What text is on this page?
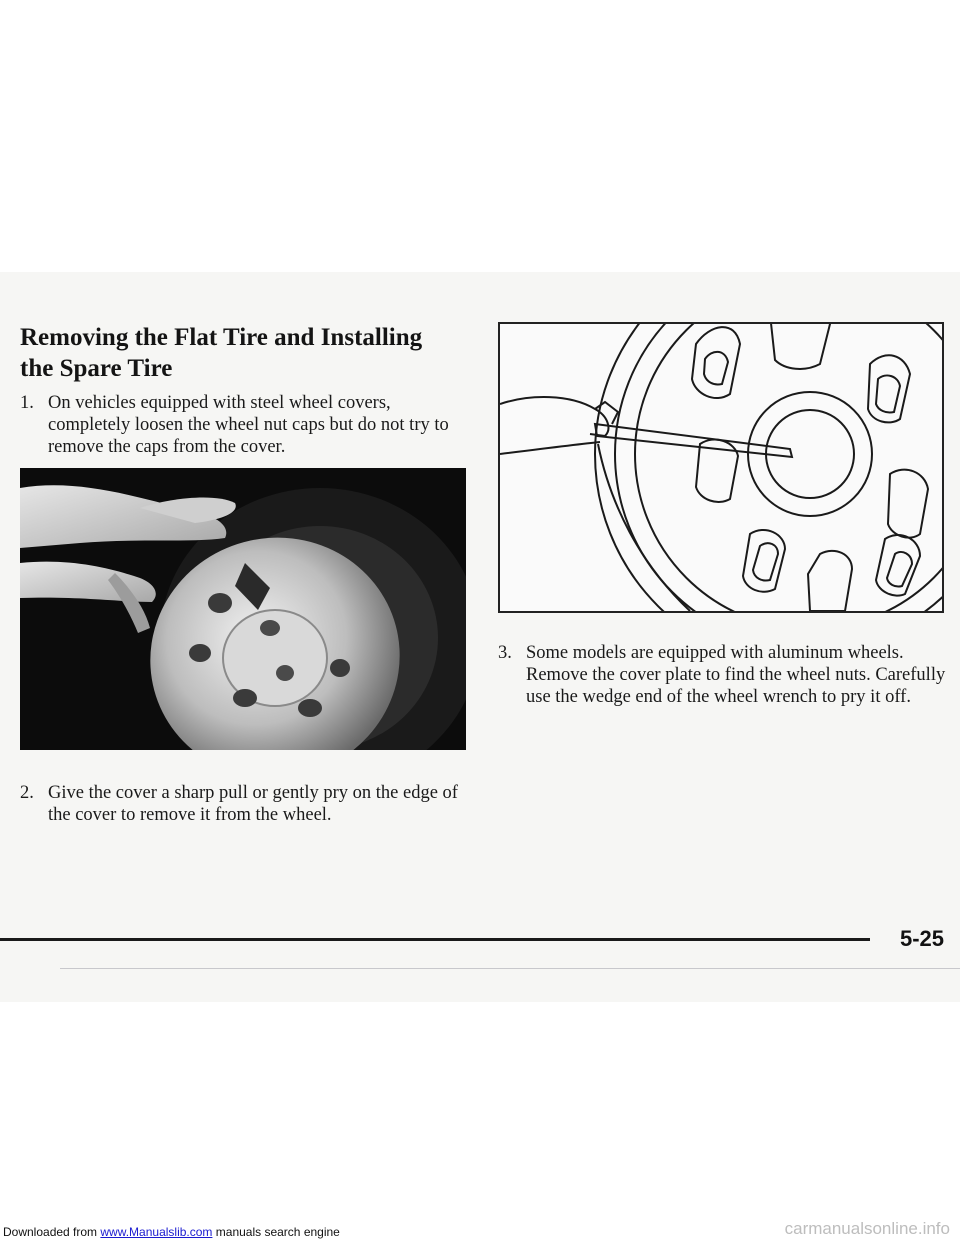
Removing the Flat Tire and Installing the Spare Tire
1. On vehicles equipped with steel wheel covers, completely loosen the wheel nut caps but do not try to remove the caps from the cover.
2. Give the cover a sharp pull or gently pry on the edge of the cover to remove it from the wheel.
3. Some models are equipped with aluminum wheels. Remove the cover plate to find the wheel nuts. Carefully use the wedge end of the wheel wrench to pry it off.
5-25
Downloaded from www.Manualslib.com manuals search engine	carmanualsonline.info
